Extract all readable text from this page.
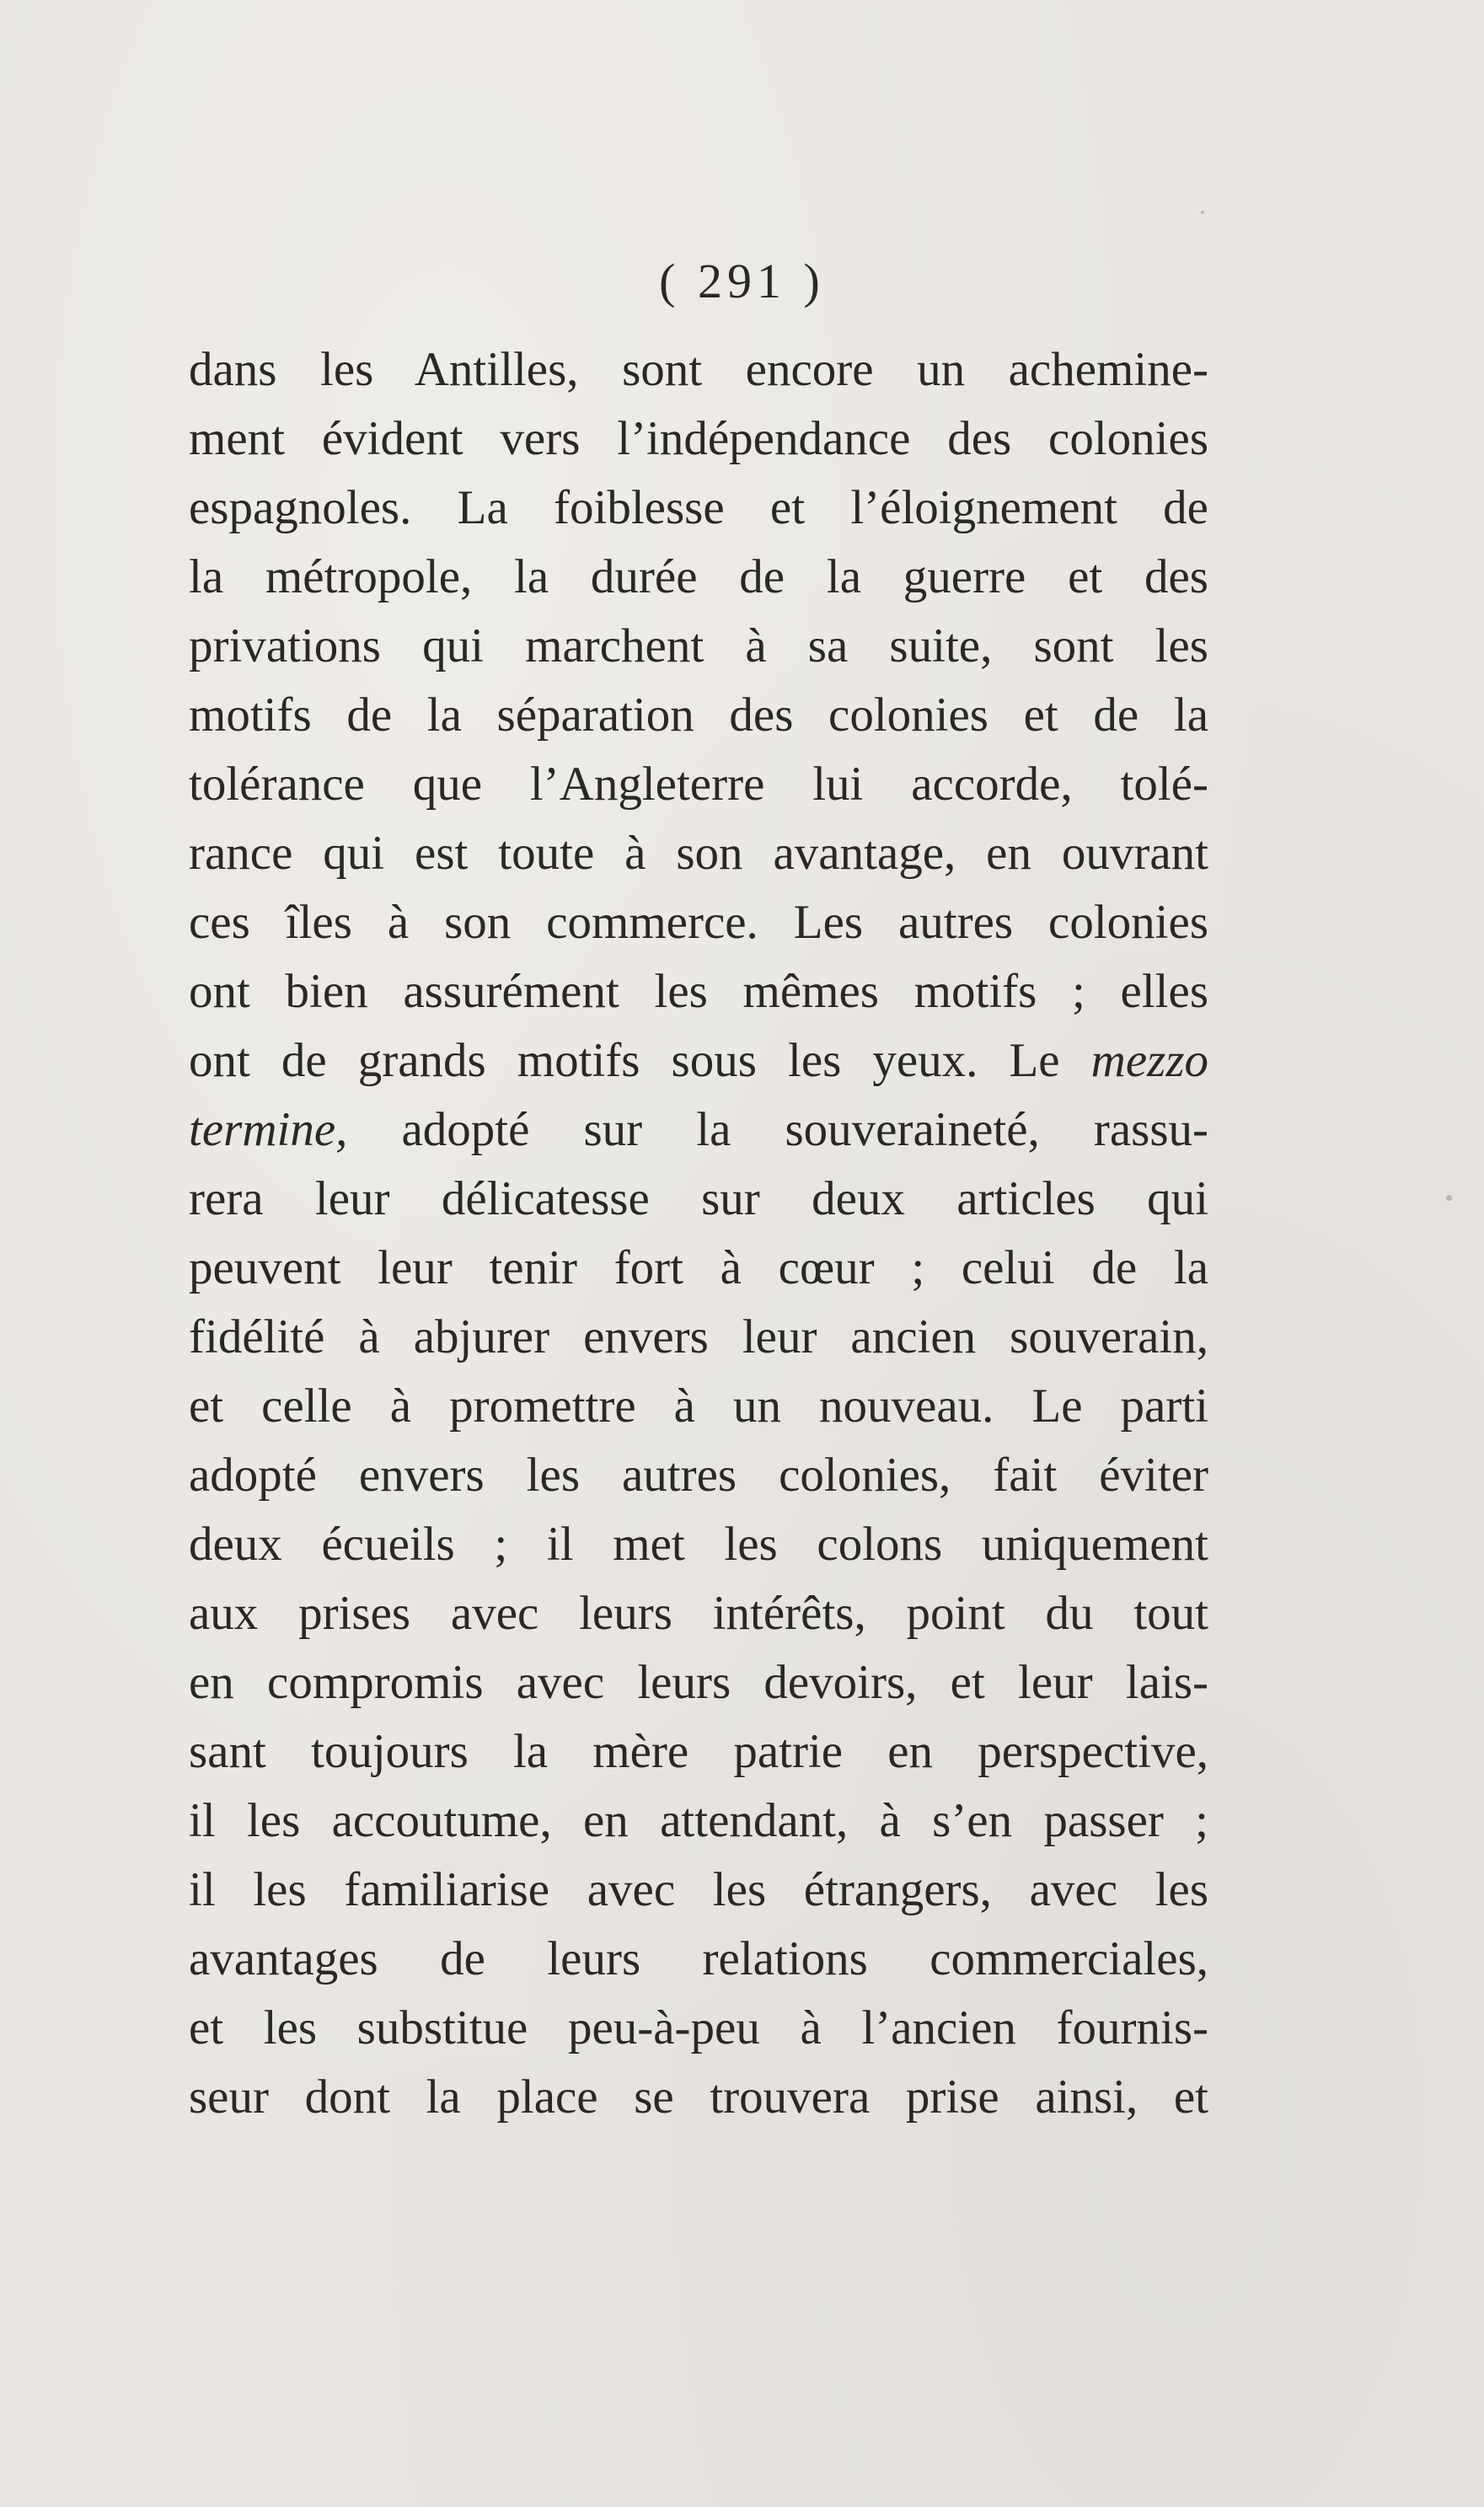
( 291 )
dans les Antilles, sont encore un achemine-
ment évident vers l’indépendance des colonies
espagnoles. La foiblesse et l’éloignement de
la métropole, la durée de la guerre et des
privations qui marchent à sa suite, sont les
motifs de la séparation des colonies et de la
tolérance que l’Angleterre lui accorde, tolé-
rance qui est toute à son avantage, en ouvrant
ces îles à son commerce. Les autres colonies
ont bien assurément les mêmes motifs ; elles
ont de grands motifs sous les yeux. Le mezzo
termine, adopté sur la souveraineté, rassu-
rera leur délicatesse sur deux articles qui
peuvent leur tenir fort à cœur ; celui de la
fidélité à abjurer envers leur ancien souverain,
et celle à promettre à un nouveau. Le parti
adopté envers les autres colonies, fait éviter
deux écueils ; il met les colons uniquement
aux prises avec leurs intérêts, point du tout
en compromis avec leurs devoirs, et leur lais-
sant toujours la mère patrie en perspective,
il les accoutume, en attendant, à s’en passer ;
il les familiarise avec les étrangers, avec les
avantages de leurs relations commerciales,
et les substitue peu-à-peu à l’ancien fournis-
seur dont la place se trouvera prise ainsi, et
